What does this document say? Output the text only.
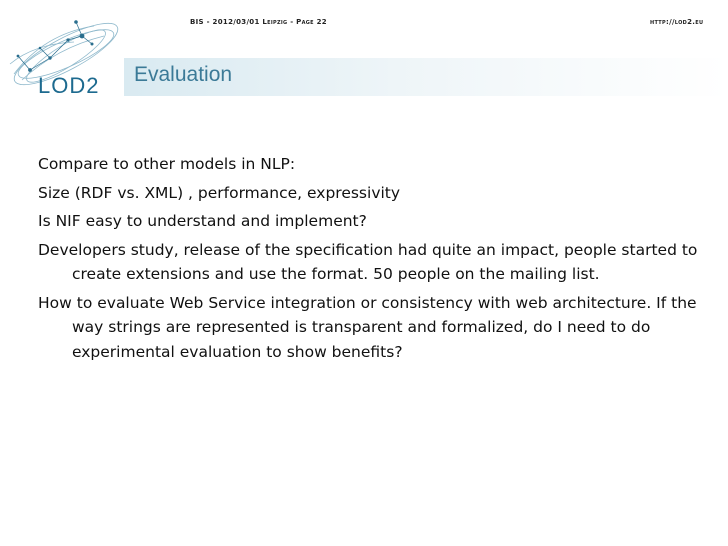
BIS - 2012/03/01 Leipzig - Page 22	http://lod2.eu
LOD2 Evaluation

Compare to other models in NLP:

Size (RDF vs. XML) , performance, expressivity

Is NIF easy to understand and implement?

Developers study, release of the specification had quite an impact, people started to create extensions and use the format. 50 people on the mailing list.

How to evaluate Web Service integration or consistency with web architecture. If the way strings are represented is transparent and formalized, do I need to do experimental evaluation to show benefits?
